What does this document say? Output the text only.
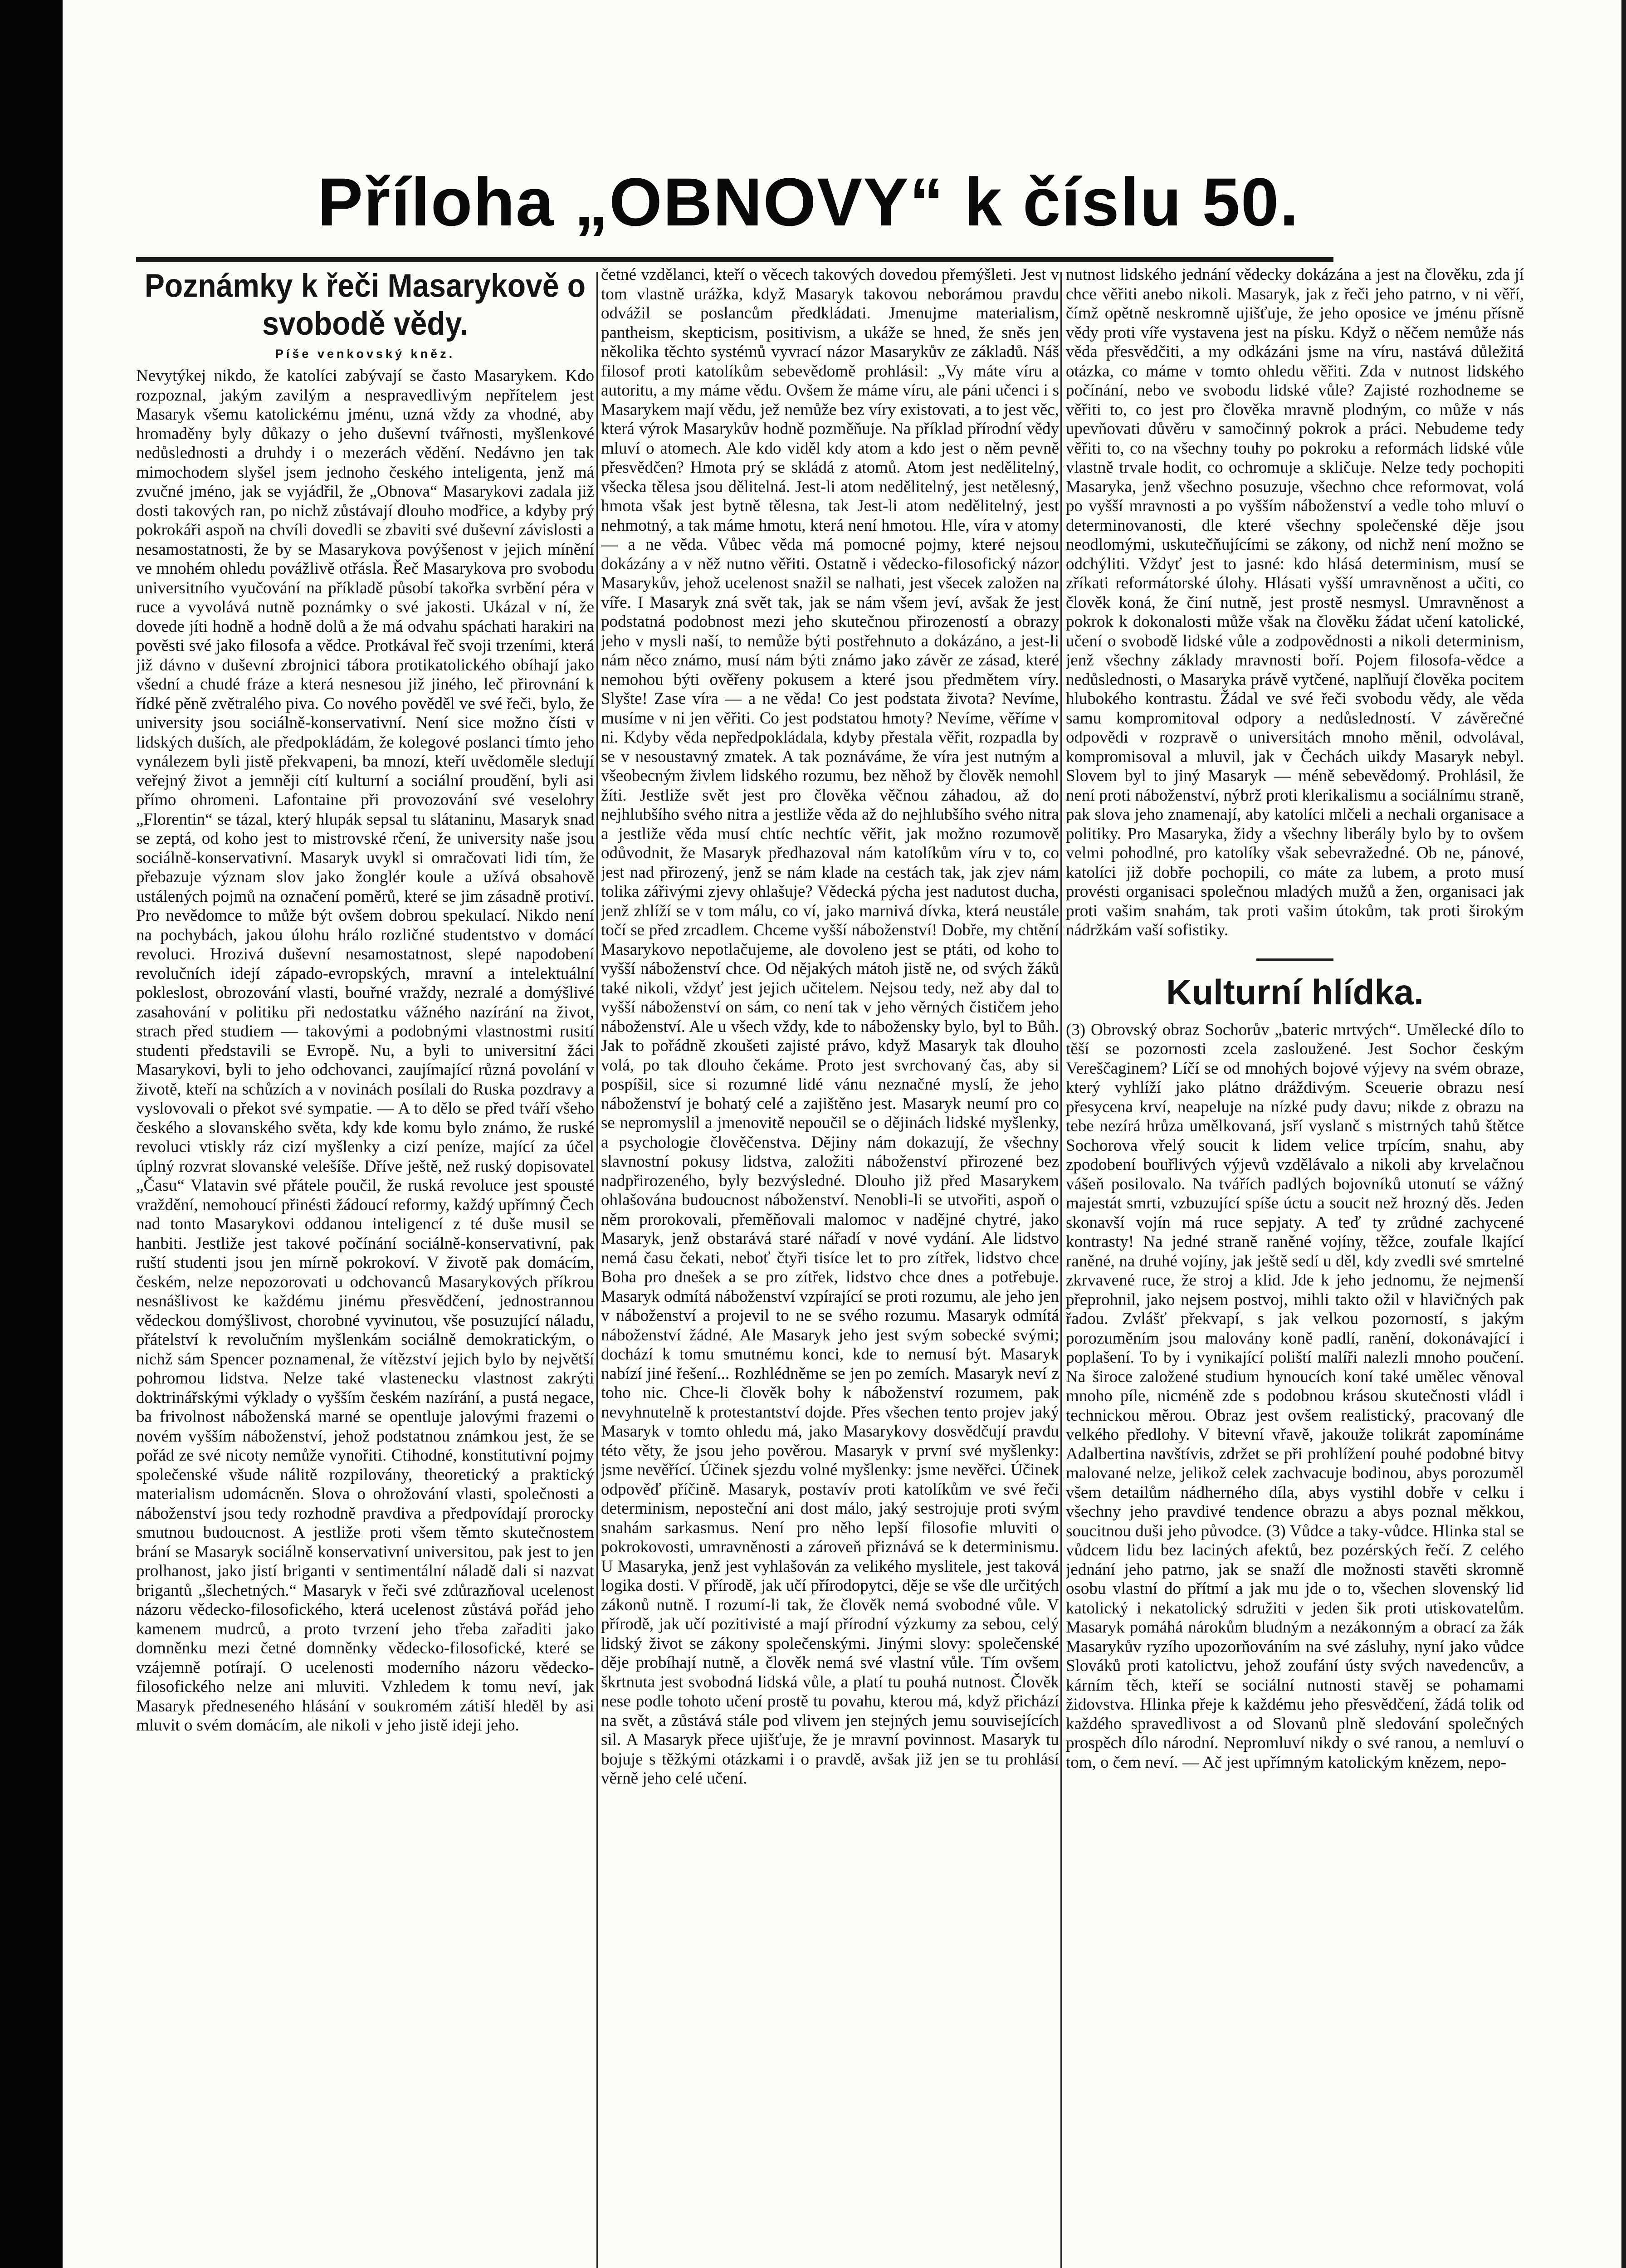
Příloha „OBNOVY“ k číslu 50.
Poznámky k řeči Masarykově o svobodě vědy.
Píše venkovský kněz.

Nevytýkej nikdo, že katolíci zabývají se často Masarykem. Kdo rozpoznal, jakým zavilým a nespravedlivým nepřítelem jest Masaryk všemu katolickému jménu, uzná vždy za vhodné, aby hromaděny byly důkazy o jeho duševní tvářnosti, myšlenkové nedůslednosti a druhdy i o mezerách vědění. Nedávno jen tak mimochodem slyšel jsem jednoho českého inteligenta, jenž má zvučné jméno, jak se vyjádřil, že „Obnova“ Masarykovi zadala již dosti takových ran, po nichž zůstávají dlouho modřice, a kdyby prý pokrokáři aspoň na chvíli dovedli se zbaviti své duševní závislosti a nesamostatnosti, že by se Masarykova povýšenost v jejich mínění ve mnohém ohledu povážlivě otřásla. Řeč Masarykova pro svobodu universitního vyučování na příkladě působí takořka svrbění péra v ruce a vyvolává nutně poznámky o své jakosti. Ukázal v ní, že dovede jíti hodně a hodně dolů a že má odvahu spáchati harakiri na pověsti své jako filosofa a vědce. Protkával řeč svoji trzeními, která již dávno v duševní zbrojnici tábora protikatolického obíhají jako všední a chudé fráze a která nesnesou již jiného, leč přirovnání k řídké pěně zvětralého piva. Co nového pověděl ve své řeči, bylo, že university jsou sociálně-konservativní. Není sice možno čísti v lidských duších, ale předpokládám, že kolegové poslanci tímto jeho vynálezem byli jistě překvapeni, ba mnozí, kteří uvědoměle sledují veřejný život a jemněji cítí kulturní a sociální proudění, byli asi přímo ohromeni. Lafontaine při provozování své veselohry „Florentin“ se tázal, který hlupák sepsal tu slátaninu, Masaryk snad se zeptá, od koho jest to mistrovské rčení, že university naše jsou sociálně-konservativní. Masaryk uvykl si omračovati lidi tím, že přebazuje význam slov jako žonglér koule a užívá obsahově ustálených pojmů na označení poměrů, které se jim zásadně protiví. Pro nevědomce to může být ovšem dobrou spekulací. Nikdo není na pochybách, jakou úlohu hrálo rozličné studentstvo v domácí revoluci. Hrozivá duševní nesamostatnost, slepé napodobení revolučních idejí západo-evropských, mravní a intelektuální pokleslost, obrozování vlasti, bouřné vraždy, nezralé a domýšlivé zasahování v politiku při nedostatku vážného nazírání na život, strach před studiem — takovými a podobnými vlastnostmi rusití studenti představili se Evropě. Nu, a byli to universitní žáci Masarykovi, byli to jeho odchovanci, zaujímající různá povolání v životě, kteří na schůzích a v novinách posílali do Ruska pozdravy a vyslovovali o překot své sympatie. — A to dělo se před tváří všeho českého a slovanského světa, kdy kde komu bylo známo, že ruské revoluci vtiskly ráz cizí myšlenky a cizí peníze, mající za účel úplný rozvrat slovanské velešíše. Dříve ještě, než ruský dopisovatel „Času“ Vlatavin své přátele poučil, že ruská revoluce jest spousté vraždění, nemohoucí přinésti žádoucí reformy, každý upřímný Čech nad tonto Masarykovi oddanou inteligencí z té duše musil se hanbiti. Jestliže jest takové počínání sociálně-konservativní, pak ruští studenti jsou jen mírně pokrokoví. V životě pak domácím, českém, nelze nepozorovati u odchovanců Masarykových příkrou nesnášlivost ke každému jinému přesvědčení, jednostrannou vědeckou domýšlivost, chorobné vyvinutou, vše posuzující náladu, přátelství k revolučním myšlenkám sociálně demokratickým, o nichž sám Spencer poznamenal, že vítězství jejich bylo by největší pohromou lidstva. Nelze také vlastenecku vlastnost zakrýti doktrinářskými výklady o vyšším českém nazírání, a pustá negace, ba frivolnost náboženská marné se opentluje jalovými frazemi o novém vyšším náboženství, jehož podstatnou známkou jest, že se pořád ze své nicoty nemůže vynořiti. Ctihodné, konstitutivní pojmy společenské všude nálitě rozpilovány, theoretický a praktický materialism udomácněn. Slova o ohrožování vlasti, společnosti a náboženství jsou tedy rozhodně pravdiva a předpovídají prorocky smutnou budoucnost. A jestliže proti všem těmto skutečnostem brání se Masaryk sociálně konservativní universitou, pak jest to jen prolhanost, jako jistí briganti v sentimentální náladě dali si nazvat brigantů „šlechetných.“ Masaryk v řeči své zdůrazňoval ucelenost názoru vědecko-filosofického, která ucelenost zůstává pořád jeho kamenem mudrců, a proto tvrzení jeho třeba zařaditi jako domněnku mezi četné domněnky vědecko-filosofické, které se vzájemně potírají. O ucelenosti moderního názoru vědecko-filosofického nelze ani mluviti. Vzhledem k tomu neví, jak Masaryk předneseného hlásání v soukromém zátiší hleděl by asi mluvit o svém domácím, ale nikoli v jeho jistě ideji jeho.

četné vzdělanci, kteří o věcech takových dovedou přemýšleti. Jest v tom vlastně urážka, když Masaryk takovou neborámou pravdu odvážil se poslancům předkládati. Jmenujme materialism, pantheism, skepticism, positivism, a ukáže se hned, že sněs jen několika těchto systémů vyvrací názor Masarykův ze základů. Náš filosof proti katolíkům sebevědomě prohlásil: „Vy máte víru a autoritu, a my máme vědu. Ovšem že máme víru, ale páni učenci i s Masarykem mají vědu, jež nemůže bez víry existovati, a to jest věc, která výrok Masarykův hodně pozměňuje. Na příklad přírodní vědy mluví o atomech. Ale kdo viděl kdy atom a kdo jest o něm pevně přesvědčen? Hmota prý se skládá z atomů. Atom jest nedělitelný, všecka tělesa jsou dělitelná. Jest-li atom nedělitelný, jest netělesný, hmota však jest bytně tělesna, tak Jest-li atom nedělitelný, jest nehmotný, a tak máme hmotu, která není hmotou. Hle, víra v atomy — a ne věda. Vůbec věda má pomocné pojmy, které nejsou dokázány a v něž nutno věřiti. Ostatně i vědecko-filosofický názor Masarykův, jehož ucelenost snažil se nalhati, jest všecek založen na víře. I Masaryk zná svět tak, jak se nám všem jeví, avšak že jest podstatná podobnost mezi jeho skutečnou přirozeností a obrazy jeho v mysli naší, to nemůže býti postřehnuto a dokázáno, a jest-li nám něco známo, musí nám býti známo jako závěr ze zásad, které nemohou býti ověřeny pokusem a které jsou předmětem víry. Slyšte! Zase víra — a ne věda! Co jest podstata života? Nevíme, musíme v ni jen věřiti. Co jest podstatou hmoty? Nevíme, věříme v ni. Kdyby věda nepředpokládala, kdyby přestala věřit, rozpadla by se v nesoustavný zmatek. A tak poznáváme, že víra jest nutným a všeobecným živlem lidského rozumu, bez něhož by člověk nemohl žíti. Jestliže svět jest pro člověka věčnou záhadou, až do nejhlubšího svého nitra a jestliže věda až do nejhlubšího svého nitra a jestliže věda musí chtíc nechtíc věřit, jak možno rozumově odůvodnit, že Masaryk předhazoval nám katolíkům víru v to, co jest nad přirozený, jenž se nám klade na cestách tak, jak zjev nám tolika zářivými zjevy ohlašuje? Vědecká pýcha jest nadutost ducha, jenž zhlíží se v tom málu, co ví, jako marnivá dívka, která neustále točí se před zrcadlem. Chceme vyšší náboženství! Dobře, my chtění Masarykovo nepotlačujeme, ale dovoleno jest se ptáti, od koho to vyšší náboženství chce. Od nějakých mátoh jistě ne, od svých žáků také nikoli, vždyť jest jejich učitelem. Nejsou tedy, než aby dal to vyšší náboženství on sám, co není tak v jeho věrných čističem jeho náboženství. Ale u všech vždy, kde to nábožensky bylo, byl to Bůh. Jak to pořádně zkoušeti zajisté právo, když Masaryk tak dlouho volá, po tak dlouho čekáme. Proto jest svrchovaný čas, aby si pospíšil, sice si rozumné lidé vánu neznačné myslí, že jeho náboženství je bohatý celé a zajištěno jest. Masaryk neumí pro co se nepromyslil a jmenovitě nepoučil se o dějinách lidské myšlenky, a psychologie člověčenstva. Dějiny nám dokazují, že všechny slavnostní pokusy lidstva, založiti náboženství přirozené bez nadpřirozeného, byly bezvýsledné. Dlouho již před Masarykem ohlašována budoucnost náboženství. Nenobli-li se utvořiti, aspoň o něm prorokovali, přeměňovali malomoc v nadějné chytré, jako Masaryk, jenž obstarává staré nářadí v nové vydání. Ale lidstvo nemá času čekati, neboť čtyři tisíce let to pro zítřek, lidstvo chce Boha pro dnešek a se pro zítřek, lidstvo chce dnes a potřebuje. Masaryk odmítá náboženství vzpírající se proti rozumu, ale jeho jen v náboženství a projevil to ne se svého rozumu. Masaryk odmítá náboženství žádné. Ale Masaryk jeho jest svým sobecké svými; dochází k tomu smutnému konci, kde to nemusí být. Masaryk nabízí jiné řešení... Rozhlédněme se jen po zemích. Masaryk neví z toho nic. Chce-li člověk bohy k náboženství rozumem, pak nevyhnutelně k protestantství dojde. Přes všechen tento projev jaký Masaryk v tomto ohledu má, jako Masarykovy dosvědčují pravdu této věty, že jsou jeho pověrou. Masaryk v první své myšlenky: jsme nevěřící. Účinek sjezdu volné myšlenky: jsme nevěřci. Účinek odpověď příčině. Masaryk, postavív proti katolíkům ve své řeči determinism, neposteční ani dost málo, jaký sestrojuje proti svým snahám sarkasmus. Není pro něho lepší filosofie mluviti o pokrokovosti, umravněnosti a zároveň přiznává se k determinismu. U Masaryka, jenž jest vyhlašován za velikého myslitele, jest taková logika dosti. V přírodě, jak učí přírodopytci, děje se vše dle určitých zákonů nutně. I rozumí-li tak, že člověk nemá svobodné vůle. V přírodě, jak učí pozitivisté a mají přírodní výzkumy za sebou, celý lidský život se zákony společenskými. Jinými slovy: společenské děje probíhají nutně, a člověk nemá své vlastní vůle. Tím ovšem škrtnuta jest svobodná lidská vůle, a platí tu pouhá nutnost. Člověk nese podle tohoto učení prostě tu povahu, kterou má, když přichází na svět, a zůstává stále pod vlivem jen stejných jemu souvisejících sil. A Masaryk přece ujišťuje, že je mravní povinnost. Masaryk tu bojuje s těžkými otázkami i o pravdě, avšak již jen se tu prohlásí věrně jeho celé učení.

nutnost lidského jednání vědecky dokázána a jest na člověku, zda jí chce věřiti anebo nikoli. Masaryk, jak z řeči jeho patrno, v ni věří, čímž opětně neskromně ujišťuje, že jeho oposice ve jménu přísně vědy proti víře vystavena jest na písku. Když o něčem nemůže nás věda přesvědčiti, a my odkázáni jsme na víru, nastává důležitá otázka, co máme v tomto ohledu věřiti. Zda v nutnost lidského počínání, nebo ve svobodu lidské vůle? Zajisté rozhodneme se věřiti to, co jest pro člověka mravně plodným, co může v nás upevňovati důvěru v samočinný pokrok a práci. Nebudeme tedy věřiti to, co na všechny touhy po pokroku a reformách lidské vůle vlastně trvale hodit, co ochromuje a skličuje. Nelze tedy pochopiti Masaryka, jenž všechno posuzuje, všechno chce reformovat, volá po vyšší mravnosti a po vyšším náboženství a vedle toho mluví o determinovanosti, dle které všechny společenské děje jsou neodlomými, uskutečňujícími se zákony, od nichž není možno se odchýliti. Vždyť jest to jasné: kdo hlásá determinism, musí se zříkati reformátorské úlohy. Hlásati vyšší umravněnost a učiti, co člověk koná, že činí nutně, jest prostě nesmysl. Umravněnost a pokrok k dokonalosti může však na člověku žádat učení katolické, učení o svobodě lidské vůle a zodpovědnosti a nikoli determinism, jenž všechny základy mravnosti boří. Pojem filosofa-vědce a nedůslednosti, o Masaryka právě vytčené, naplňují člověka pocitem hlubokého kontrastu. Žádal ve své řeči svobodu vědy, ale věda samu kompromitoval odpory a nedůsledností. V závěrečné odpovědi v rozpravě o universitách mnoho měnil, odvolával, kompromisoval a mluvil, jak v Čechách uikdy Masaryk nebyl. Slovem byl to jiný Masaryk — méně sebevědomý. Prohlásil, že není proti náboženství, nýbrž proti klerikalismu a sociálnímu straně, pak slova jeho znamenají, aby katolíci mlčeli a nechali organisace a politiky. Pro Masaryka, židy a všechny liberály bylo by to ovšem velmi pohodlné, pro katolíky však sebevražedné. Ob ne, pánové, katolíci již dobře pochopili, co máte za lubem, a proto musí provésti organisaci společnou mladých mužů a žen, organisaci jak proti vašim snahám, tak proti vašim útokům, tak proti širokým nádržkám vaší sofistiky.

Kulturní hlídka.

(3) Obrovský obraz Sochorův „bateric mrtvých“. Umělecké dílo to těší se pozornosti zcela zasloužené. Jest Sochor českým Vereščaginem? Líčí se od mnohých bojové výjevy na svém obraze, který vyhlíží jako plátno dráždivým. Sceuerie obrazu nesí přesycena krví, neapeluje na nízké pudy davu; nikde z obrazu na tebe nezírá hrůza umělkovaná, jsří vyslanč s mistrných tahů štětce Sochorova vřelý soucit k lidem velice trpícím, snahu, aby zpodobení bouřlivých výjevů vzdělávalo a nikoli aby krvelačnou vášeň posilovalo. Na tvářích padlých bojovníků utonutí se vážný majestát smrti, vzbuzující spíše úctu a soucit než hrozný děs. Jeden skonavší vojín má ruce sepjaty. A teď ty zrůdné zachycené kontrasty! Na jedné straně raněné vojíny, těžce, zoufale lkající raněné, na druhé vojíny, jak ještě sedí u děl, kdy zvedli své smrtelné zkrvavené ruce, že stroj a klid. Jde k jeho jednomu, že nejmenší přeprohnil, jako nejsem postvoj, mihli takto ožil v hlavičných pak řadou. Zvlášť překvapí, s jak velkou pozorností, s jakým porozuměním jsou malovány koně padlí, ranění, dokonávající i poplašení. To by i vynikající poliští malíři nalezli mnoho poučení. Na široce založené studium hynoucích koní také umělec věnoval mnoho píle, nicméně zde s podobnou krásou skutečnosti vládl i technickou měrou. Obraz jest ovšem realistický, pracovaný dle velkého předlohy. V bitevní vřavě, jakouže tolikrát zapomínáme Adalbertina navštívis, zdržet se při prohlížení pouhé podobné bitvy malované nelze, jelikož celek zachvacuje bodinou, abys porozuměl všem detailům nádherného díla, abys vystihl dobře v celku i všechny jeho pravdivé tendence obrazu a abys poznal měkkou, soucitnou duši jeho původce. (3) Vůdce a taky-vůdce. Hlinka stal se vůdcem lidu bez laciných afektů, bez pozérských řečí. Z celého jednání jeho patrno, jak se snaží dle možnosti stavěti skromně osobu vlastní do přítmí a jak mu jde o to, všechen slovenský lid katolický i nekatolický sdružiti v jeden šik proti utiskovatelům. Masaryk pomáhá nárokům bludným a nezákonným a obrací za žák Masarykův ryzího upozorňováním na své zásluhy, nyní jako vůdce Slováků proti katolictvu, jehož zoufání ústy svých navedencův, a kárním těch, kteří se sociální nutnosti stavěj se pohamami židovstva. Hlinka přeje k každému jeho přesvědčení, žádá tolik od každého spravedlivost a od Slovanů plně sledování společných prospěch dílo národní. Nepromluví nikdy o své ranou, a nemluví o tom, o čem neví. — Ač jest upřímným katolickým knězem, nepo-
